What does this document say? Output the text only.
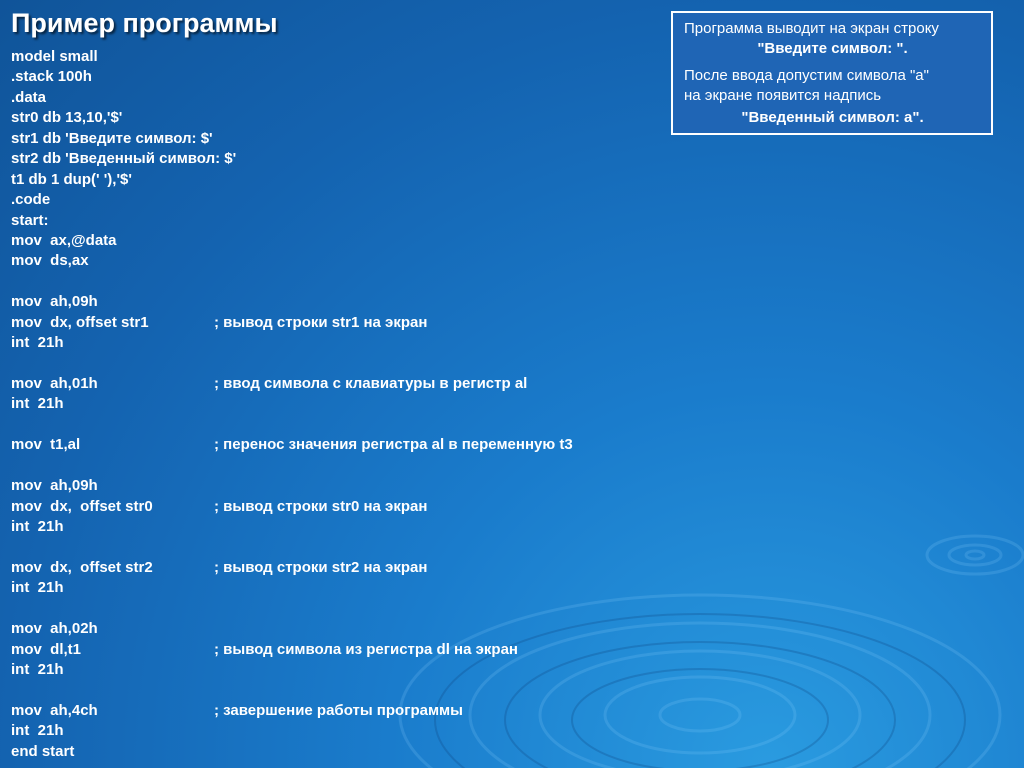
Пример программы
model small
.stack 100h
.data
str0 db 13,10,'$'
str1 db 'Введите символ: $'
str2 db 'Введенный символ: $'
t1 db 1 dup(' '),'$'
.code
start:
mov  ax,@data
mov  ds,ax
mov  ah,09h
mov  dx, offset str1	; вывод строки str1 на экран
int  21h
mov  ah,01h	; ввод символа с клавиатуры в регистр al
int  21h
mov  t1,al	; перенос значения регистра al в переменную t3
mov  ah,09h
mov  dx,  offset str0	; вывод строки str0 на экран
int  21h
mov  dx,  offset str2	; вывод строки str2 на экран
int  21h
mov  ah,02h
mov  dl,t1	; вывод символа из регистра dl на экран
int  21h
mov  ah,4ch	; завершение работы программы
int  21h
end start
Программа выводит на экран строку
"Введите символ: ".
После ввода допустим символа "а"
на экране появится надпись
"Введенный символ: а".
